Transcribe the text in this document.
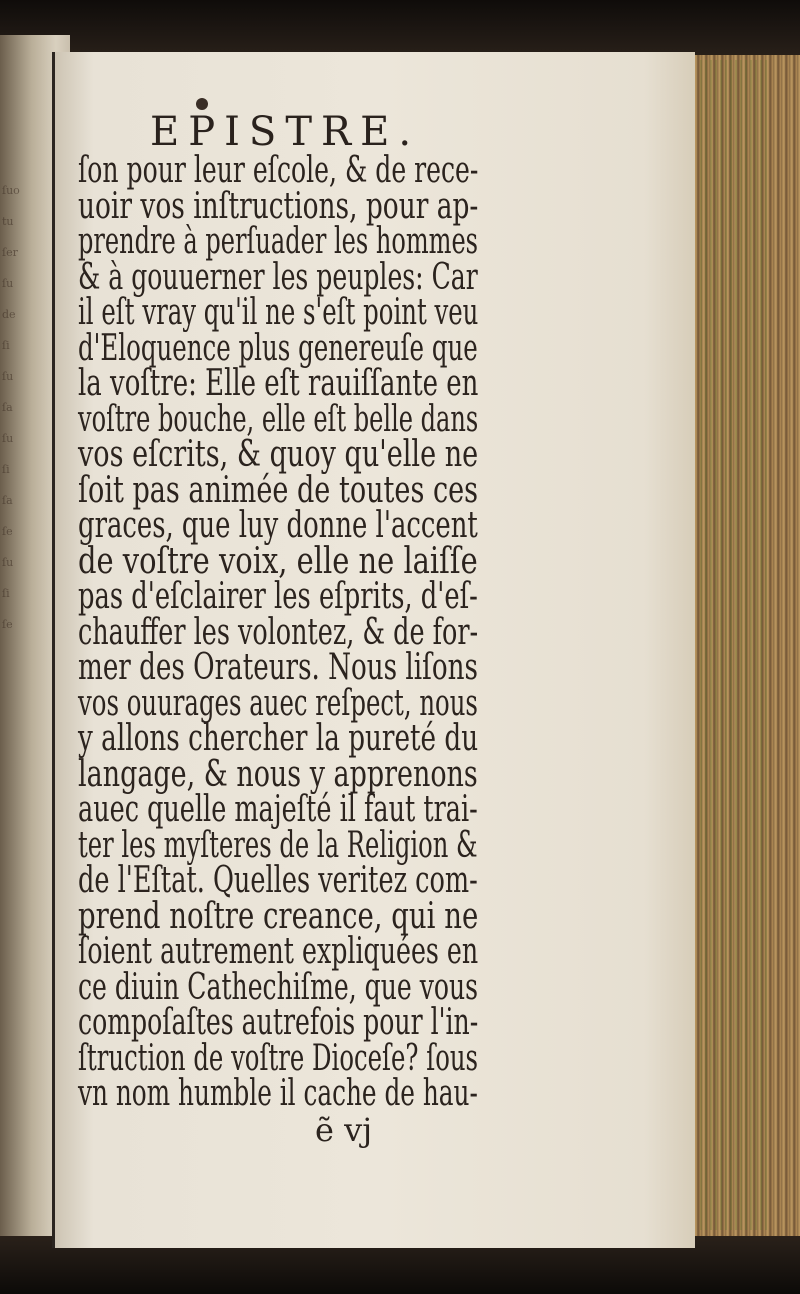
ſuo
tu
ſer
ſu
de
ſi
ſu
ſa
ſu
ſi
ſa
ſe
ſu
ſi
ſe
EPISTRE.
ſon pour leur eſcole, & de rece-
uoir vos inſtructions, pour ap-
prendre à perſuader les hommes
& à gouuerner les peuples: Car
il eſt vray qu'il ne s'eſt point veu
d'Eloquence plus genereuſe que
la voſtre: Elle eſt rauiſſante en
voſtre bouche, elle eſt belle dans
vos eſcrits, & quoy qu'elle ne
ſoit pas animée de toutes ces
graces, que luy donne l'accent
de voſtre voix, elle ne laiſſe
pas d'eſclairer les eſprits, d'eſ-
chauffer les volontez, & de for-
mer des Orateurs. Nous liſons
vos ouurages auec reſpect, nous
y allons chercher la pureté du
langage, & nous y apprenons
auec quelle majeſté il faut trai-
ter les myſteres de la Religion &
de l'Eſtat. Quelles veritez com-
prend noſtre creance, qui ne
ſoient autrement expliquées en
ce diuin Cathechiſme, que vous
compoſaſtes autrefois pour l'in-
ſtruction de voſtre Dioceſe? ſous
vn nom humble il cache de hau-
ẽ vj
